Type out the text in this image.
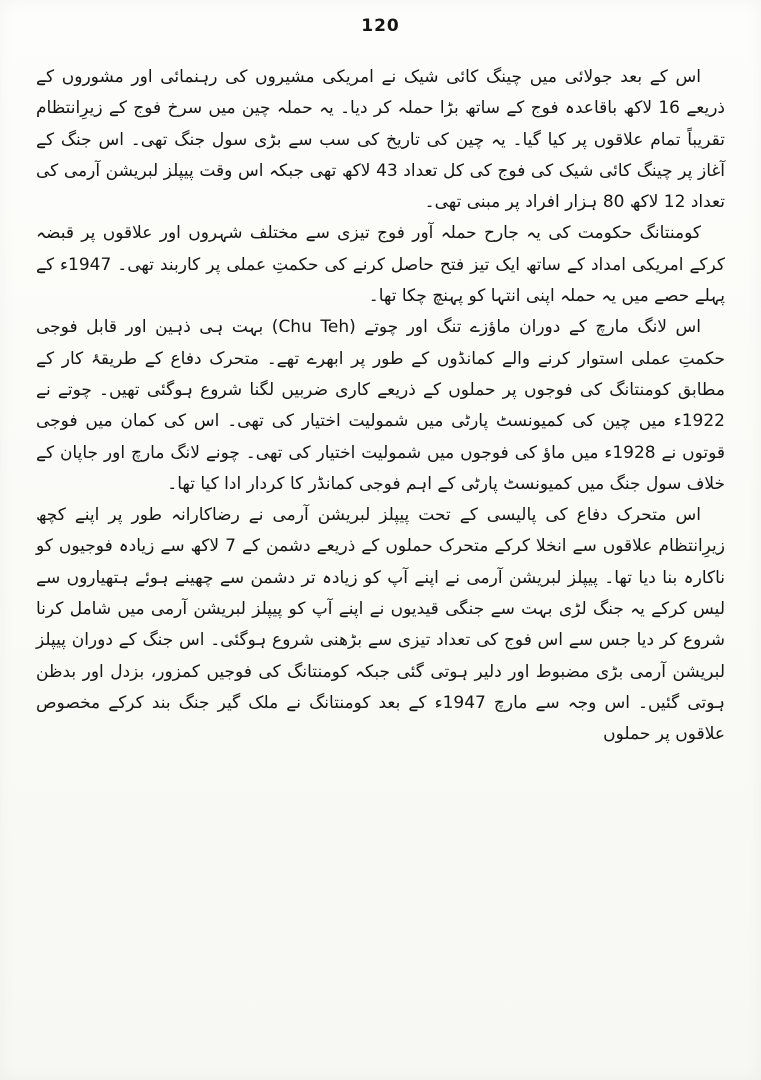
120

اس کے بعد جولائی میں چینگ کائی شیک نے امریکی مشیروں کی رہنمائی اور مشوروں کے ذریعے 16 لاکھ باقاعدہ فوج کے ساتھ بڑا حملہ کر دیا۔ یہ حملہ چین میں سرخ فوج کے زیرِانتظام تقریباً تمام علاقوں پر کیا گیا۔ یہ چین کی تاریخ کی سب سے بڑی سول جنگ تھی۔ اس جنگ کے آغاز پر چینگ کائی شیک کی فوج کی کل تعداد 43 لاکھ تھی جبکہ اس وقت پیپلز لبریشن آرمی کی تعداد 12 لاکھ 80 ہزار افراد پر مبنی تھی۔

کومنتانگ حکومت کی یہ جارح حملہ آور فوج تیزی سے مختلف شہروں اور علاقوں پر قبضہ کرکے امریکی امداد کے ساتھ ایک تیز فتح حاصل کرنے کی حکمتِ عملی پر کاربند تھی۔ 1947ء کے پہلے حصے میں یہ حملہ اپنی انتہا کو پہنچ چکا تھا۔

اس لانگ مارچ کے دوران ماؤزے تنگ اور چوتے (Chu Teh) بہت ہی ذہین اور قابل فوجی حکمتِ عملی استوار کرنے والے کمانڈوں کے طور پر ابھرے تھے۔ متحرک دفاع کے طریقۂ کار کے مطابق کومنتانگ کی فوجوں پر حملوں کے ذریعے کاری ضربیں لگنا شروع ہوگئی تھیں۔ چوتے نے 1922ء میں چین کی کمیونسٹ پارٹی میں شمولیت اختیار کی تھی۔ اس کی کمان میں فوجی قوتوں نے 1928ء میں ماؤ کی فوجوں میں شمولیت اختیار کی تھی۔ چونے لانگ مارچ اور جاپان کے خلاف سول جنگ میں کمیونسٹ پارٹی کے اہم فوجی کمانڈر کا کردار ادا کیا تھا۔

اس متحرک دفاع کی پالیسی کے تحت پیپلز لبریشن آرمی نے رضاکارانہ طور پر اپنے کچھ زیرِانتظام علاقوں سے انخلا کرکے متحرک حملوں کے ذریعے دشمن کے 7 لاکھ سے زیادہ فوجیوں کو ناکارہ بنا دیا تھا۔ پیپلز لبریشن آرمی نے اپنے آپ کو زیادہ تر دشمن سے چھینے ہوئے ہتھیاروں سے لیس کرکے یہ جنگ لڑی بہت سے جنگی قیدیوں نے اپنے آپ کو پیپلز لبریشن آرمی میں شامل کرنا شروع کر دیا جس سے اس فوج کی تعداد تیزی سے بڑھنی شروع ہوگئی۔ اس جنگ کے دوران پیپلز لبریشن آرمی بڑی مضبوط اور دلیر ہوتی گئی جبکہ کومنتانگ کی فوجیں کمزور، بزدل اور بدظن ہوتی گئیں۔ اس وجہ سے مارچ 1947ء کے بعد کومنتانگ نے ملک گیر جنگ بند کرکے مخصوص علاقوں پر حملوں
